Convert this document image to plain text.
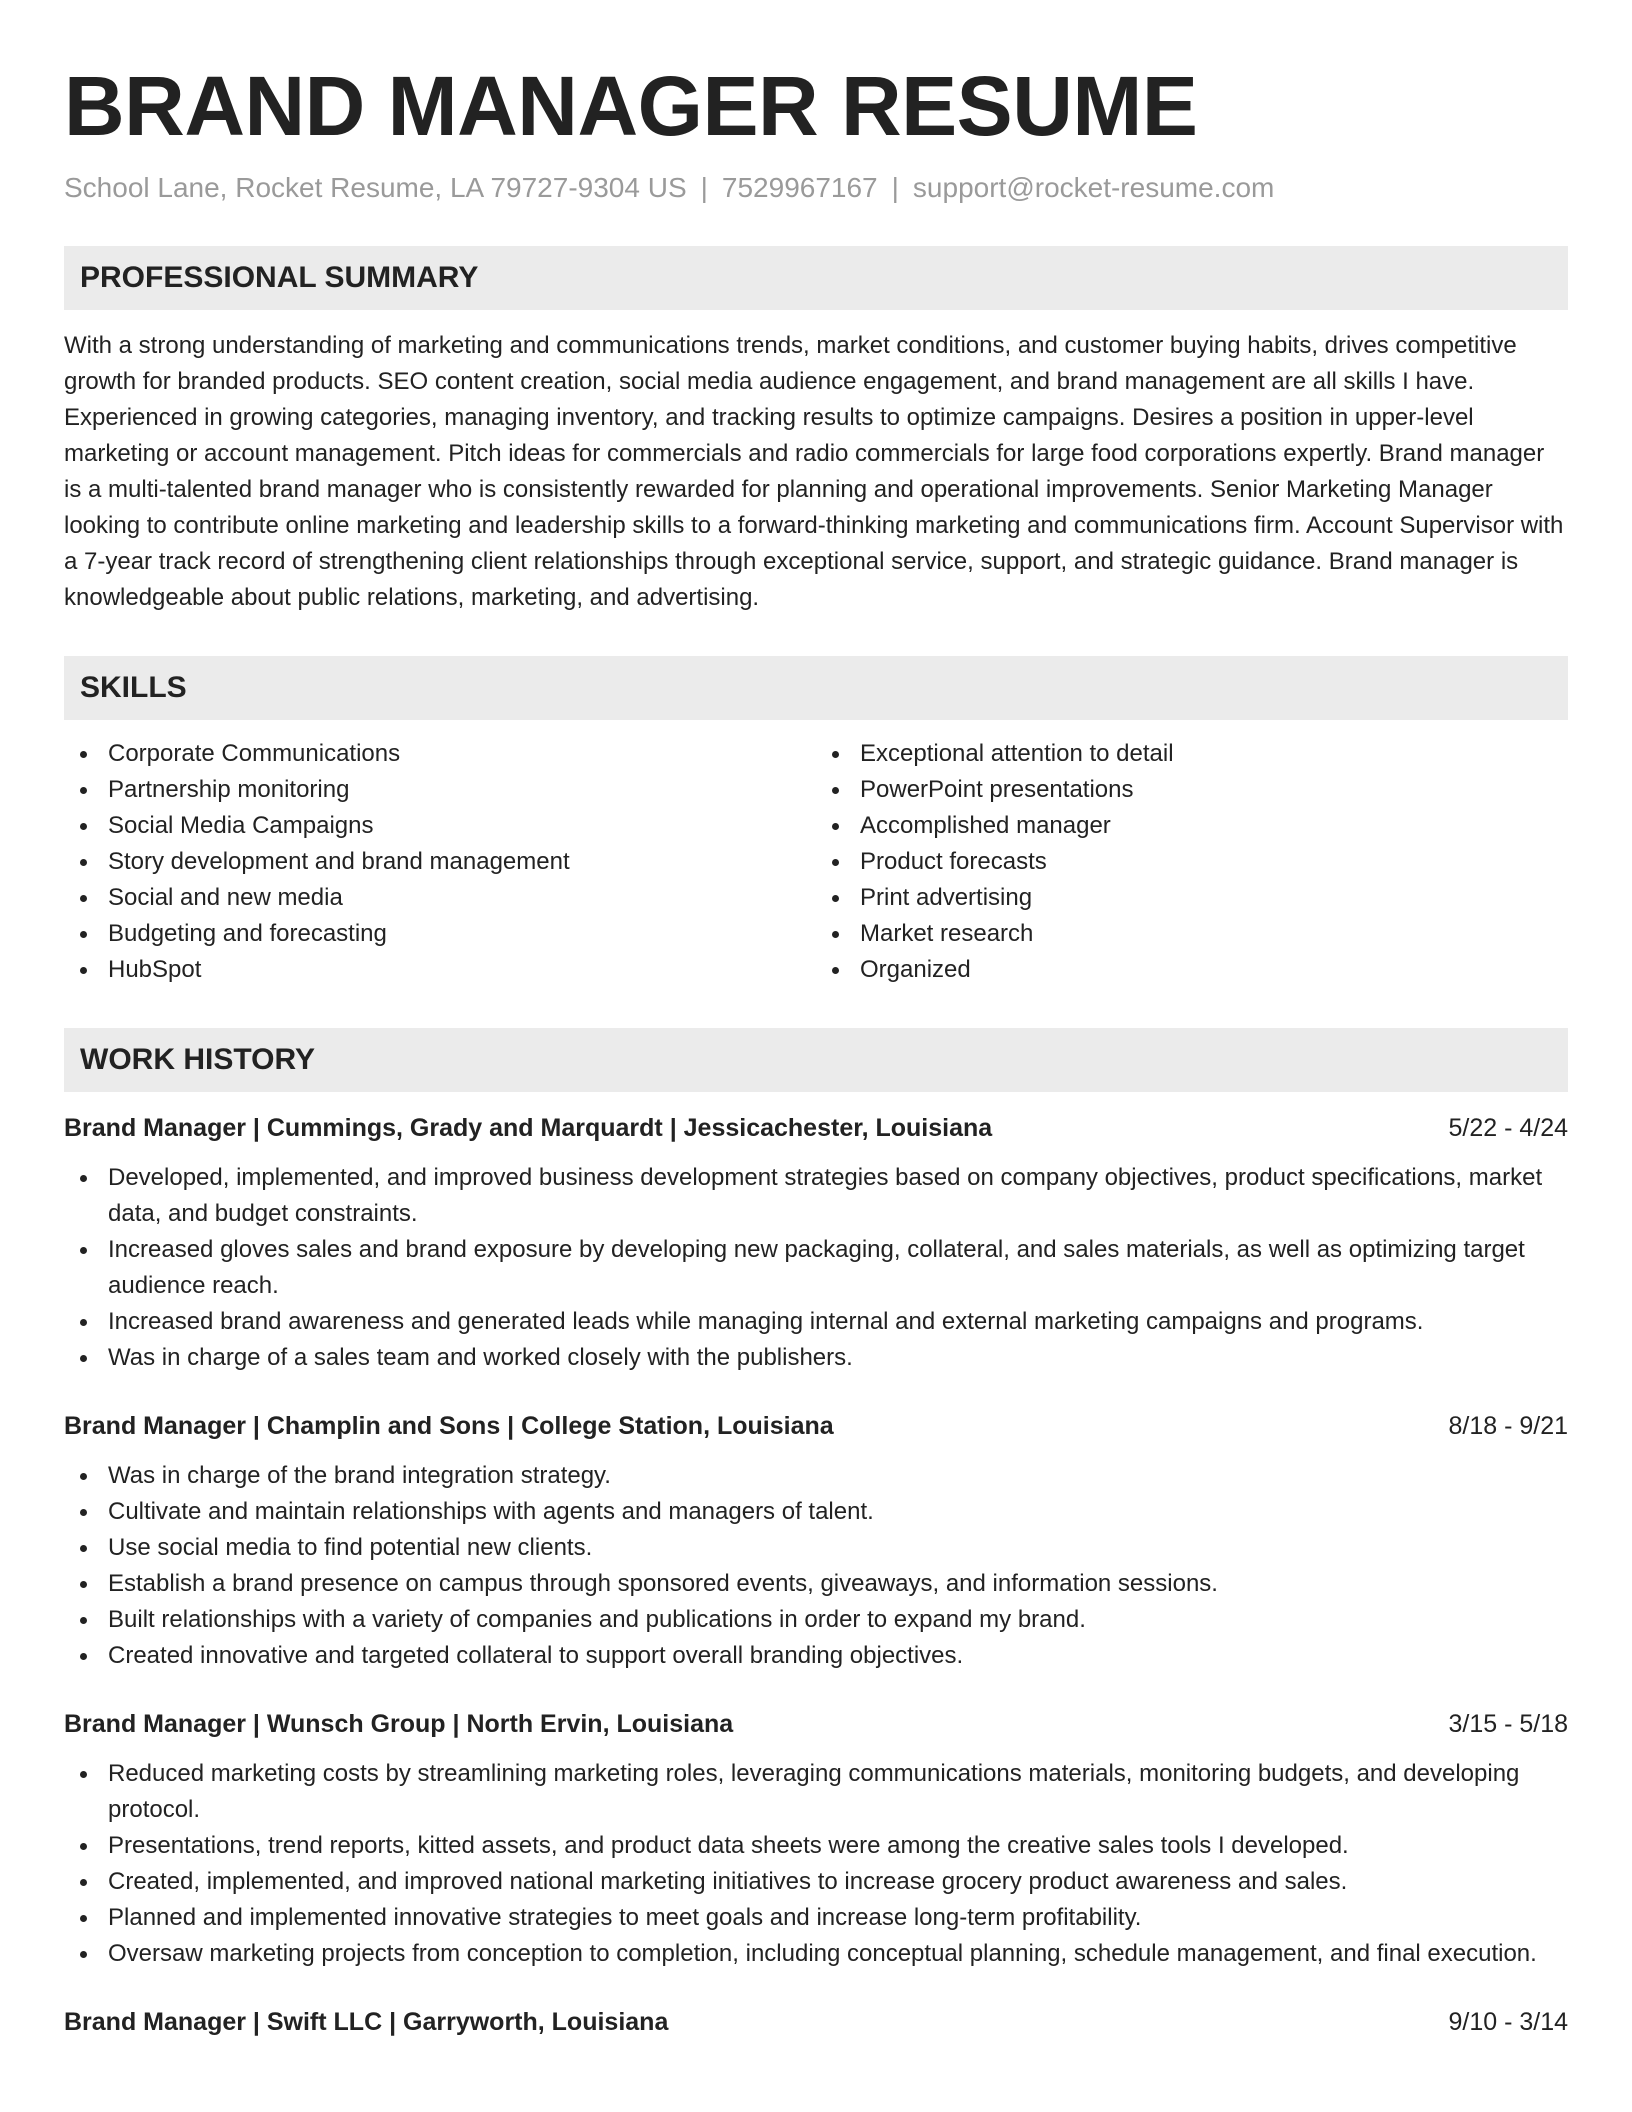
BRAND MANAGER RESUME
School Lane, Rocket Resume, LA 79727-9304 US | 7529967167 | support@rocket-resume.com
PROFESSIONAL SUMMARY

With a strong understanding of marketing and communications trends, market conditions, and customer buying habits, drives competitive growth for branded products. SEO content creation, social media audience engagement, and brand management are all skills I have. Experienced in growing categories, managing inventory, and tracking results to optimize campaigns. Desires a position in upper-level marketing or account management. Pitch ideas for commercials and radio commercials for large food corporations expertly. Brand manager is a multi-talented brand manager who is consistently rewarded for planning and operational improvements. Senior Marketing Manager looking to contribute online marketing and leadership skills to a forward-thinking marketing and communications firm. Account Supervisor with a 7-year track record of strengthening client relationships through exceptional service, support, and strategic guidance. Brand manager is knowledgeable about public relations, marketing, and advertising.

SKILLS
Corporate Communications
Partnership monitoring
Social Media Campaigns
Story development and brand management
Social and new media
Budgeting and forecasting
HubSpot
Exceptional attention to detail
PowerPoint presentations
Accomplished manager
Product forecasts
Print advertising
Market research
Organized
WORK HISTORY
Brand Manager | Cummings, Grady and Marquardt | Jessicachester, Louisiana	5/22 - 4/24
Developed, implemented, and improved business development strategies based on company objectives, product specifications, market data, and budget constraints.
Increased gloves sales and brand exposure by developing new packaging, collateral, and sales materials, as well as optimizing target audience reach.
Increased brand awareness and generated leads while managing internal and external marketing campaigns and programs.
Was in charge of a sales team and worked closely with the publishers.
Brand Manager | Champlin and Sons | College Station, Louisiana	8/18 - 9/21
Was in charge of the brand integration strategy.
Cultivate and maintain relationships with agents and managers of talent.
Use social media to find potential new clients.
Establish a brand presence on campus through sponsored events, giveaways, and information sessions.
Built relationships with a variety of companies and publications in order to expand my brand.
Created innovative and targeted collateral to support overall branding objectives.
Brand Manager | Wunsch Group | North Ervin, Louisiana	3/15 - 5/18
Reduced marketing costs by streamlining marketing roles, leveraging communications materials, monitoring budgets, and developing protocol.
Presentations, trend reports, kitted assets, and product data sheets were among the creative sales tools I developed.
Created, implemented, and improved national marketing initiatives to increase grocery product awareness and sales.
Planned and implemented innovative strategies to meet goals and increase long-term profitability.
Oversaw marketing projects from conception to completion, including conceptual planning, schedule management, and final execution.
Brand Manager | Swift LLC | Garryworth, Louisiana	9/10 - 3/14
